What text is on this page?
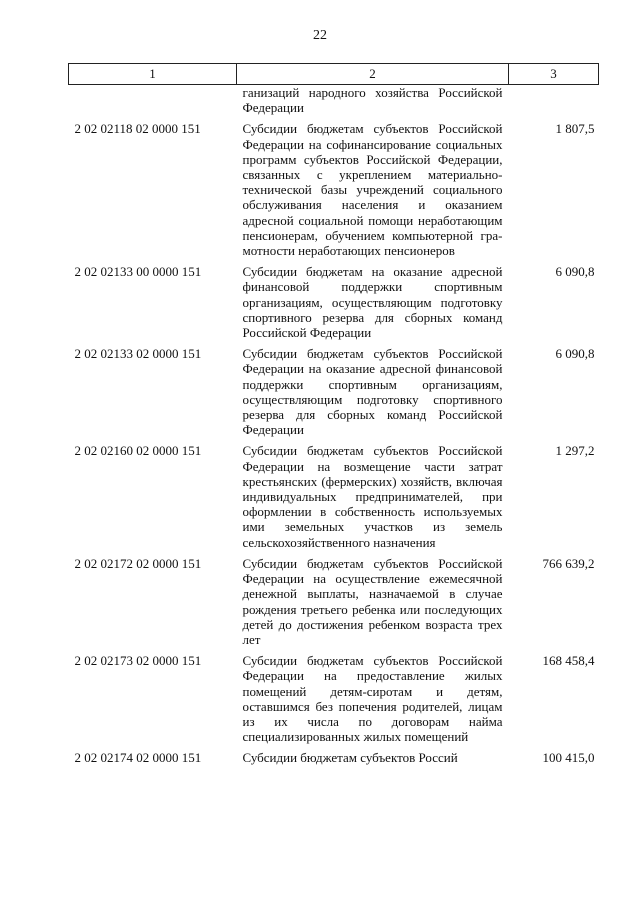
22
1	2	3
	ганизаций народного хозяйства Российской Федерации	
2 02 02118 02 0000 151	Субсидии бюджетам субъектов Российской Федерации на софинансирование социальных программ субъектов Российской Федерации, связанных с укреплением материально-технической базы учреждений социального обслуживания населения и оказанием адресной социальной помощи неработающим пенсионерам, обучением компьютерной грамотности неработающих пенсионеров	1 807,5
2 02 02133 00 0000 151	Субсидии бюджетам на оказание адресной финансовой поддержки спортивным организациям, осуществляющим подготовку спортивного резерва для сборных команд Российской Федерации	6 090,8
2 02 02133 02 0000 151	Субсидии бюджетам субъектов Российской Федерации на оказание адресной финансовой поддержки спортивным организациям, осуществляющим подготовку спортивного резерва для сборных команд Российской Федерации	6 090,8
2 02 02160 02 0000 151	Субсидии бюджетам субъектов Российской Федерации на возмещение части затрат крестьянских (фермерских) хозяйств, включая индивидуальных предпринимателей, при оформлении в собственность используемых ими земельных участков из земель сельскохозяйственного назначения	1 297,2
2 02 02172 02 0000 151	Субсидии бюджетам субъектов Российской Федерации на осуществление ежемесячной денежной выплаты, назначаемой в случае рождения третьего ребенка или последующих детей до достижения ребенком возраста трех лет	766 639,2
2 02 02173 02 0000 151	Субсидии бюджетам субъектов Российской Федерации на предоставление жилых помещений детям-сиротам и детям, оставшимся без попечения родителей, лицам из их числа по договорам найма специализированных жилых помещений	168 458,4
2 02 02174 02 0000 151	Субсидии бюджетам субъектов Россий	100 415,0
